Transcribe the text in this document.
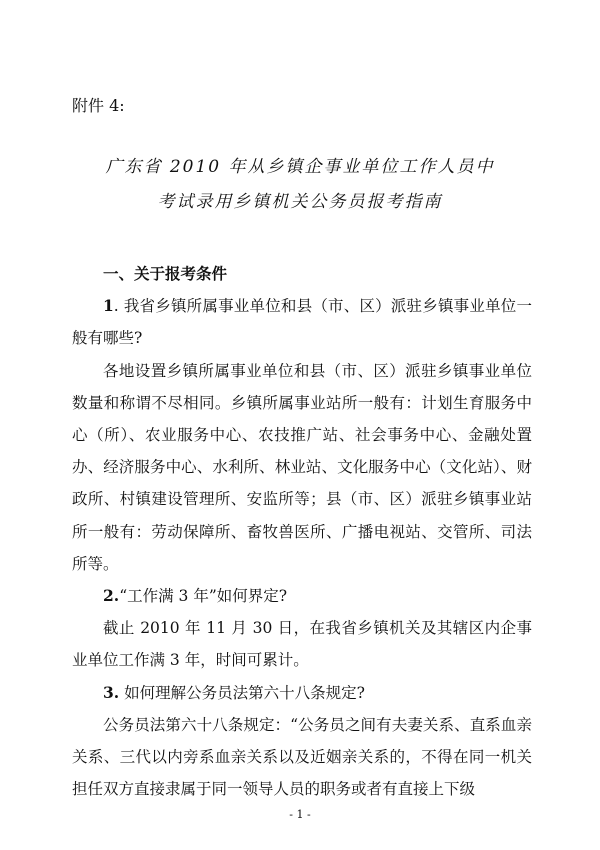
附件 4:
广东省 2010 年从乡镇企事业单位工作人员中
考试录用乡镇机关公务员报考指南

一、关于报考条件

1. 我省乡镇所属事业单位和县（市、区）派驻乡镇事业单位一般有哪些?

各地设置乡镇所属事业单位和县（市、区）派驻乡镇事业单位数量和称谓不尽相同。乡镇所属事业站所一般有：计划生育服务中心（所）、农业服务中心、农技推广站、社会事务中心、金融处置办、经济服务中心、水利所、林业站、文化服务中心（文化站）、财政所、村镇建设管理所、安监所等；县（市、区）派驻乡镇事业站所一般有：劳动保障所、畜牧兽医所、广播电视站、交管所、司法所等。

2.“工作满 3 年”如何界定?

截止 2010 年 11 月 30 日，在我省乡镇机关及其辖区内企事业单位工作满 3 年，时间可累计。

3. 如何理解公务员法第六十八条规定?

公务员法第六十八条规定：“公务员之间有夫妻关系、直系血亲关系、三代以内旁系血亲关系以及近姻亲关系的，不得在同一机关担任双方直接隶属于同一领导人员的职务或者有直接上下级

- 1 -
